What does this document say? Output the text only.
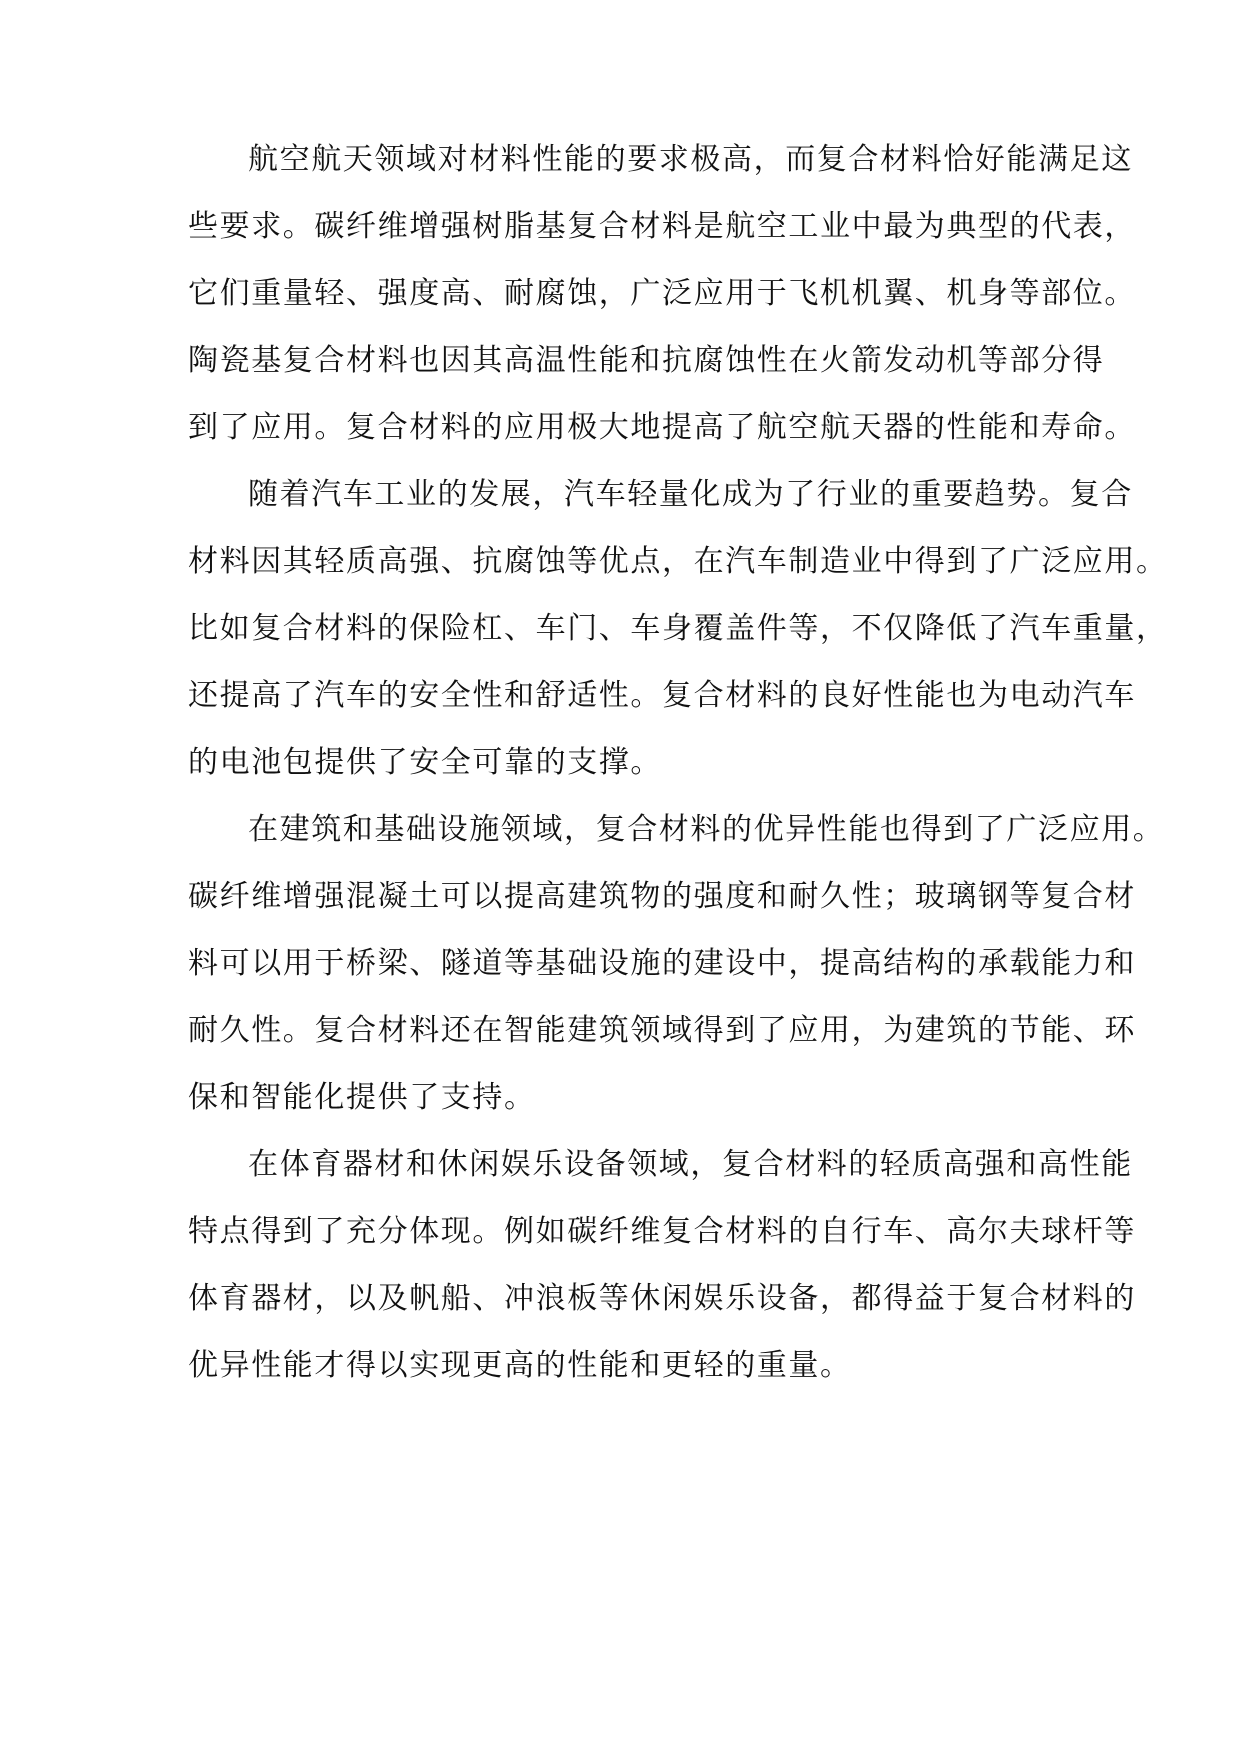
航空航天领域对材料性能的要求极高，而复合材料恰好能满足这
些要求。碳纤维增强树脂基复合材料是航空工业中最为典型的代表，
它们重量轻、强度高、耐腐蚀，广泛应用于飞机机翼、机身等部位。
陶瓷基复合材料也因其高温性能和抗腐蚀性在火箭发动机等部分得
到了应用。复合材料的应用极大地提高了航空航天器的性能和寿命。
随着汽车工业的发展，汽车轻量化成为了行业的重要趋势。复合
材料因其轻质高强、抗腐蚀等优点，在汽车制造业中得到了广泛应用。
比如复合材料的保险杠、车门、车身覆盖件等，不仅降低了汽车重量，
还提高了汽车的安全性和舒适性。复合材料的良好性能也为电动汽车
的电池包提供了安全可靠的支撑。
在建筑和基础设施领域，复合材料的优异性能也得到了广泛应用。
碳纤维增强混凝土可以提高建筑物的强度和耐久性；玻璃钢等复合材
料可以用于桥梁、隧道等基础设施的建设中，提高结构的承载能力和
耐久性。复合材料还在智能建筑领域得到了应用，为建筑的节能、环
保和智能化提供了支持。
在体育器材和休闲娱乐设备领域，复合材料的轻质高强和高性能
特点得到了充分体现。例如碳纤维复合材料的自行车、高尔夫球杆等
体育器材，以及帆船、冲浪板等休闲娱乐设备，都得益于复合材料的
优异性能才得以实现更高的性能和更轻的重量。
